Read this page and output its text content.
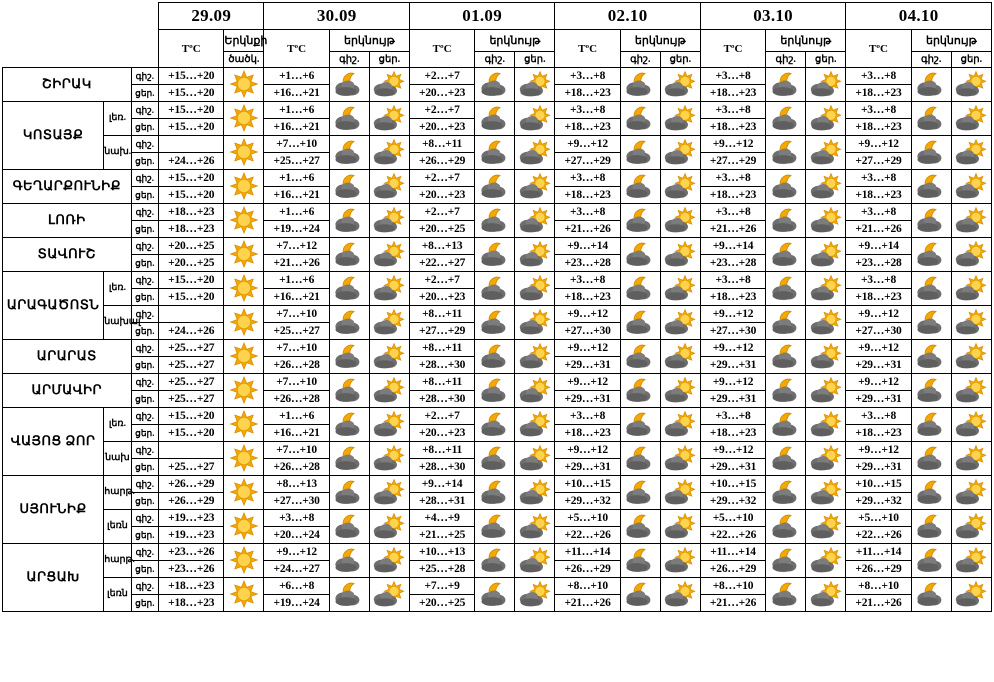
			29.09		30.09			01.09			02.10			03.10			04.10		
			TºC	Երկնքի	TºC	երկնույթ		TºC	երկնույթ		TºC	երկնույթ		TºC	երկնույթ		TºC	երկնույթ	
				ծածկ.		գիշ.	ցեր.		գիշ.	ցեր.		գիշ.	ցեր.		գիշ.	ցեր.		գիշ.	ցեր.
ՇԻՐԱԿ		գիշ.	+15…+20		+1…+6			+2…+7			+3…+8			+3…+8			+3…+8	

		ցեր.	+15…+20		+16…+21			+20…+23			+18…+23			+18…+23			+18…+23		
ԿՈՏԱՅՔ	լեռ.	գիշ.	+15…+20		+1…+6			+2…+7			+3…+8			+3…+8			+3…+8	

		ցեր.	+15…+20		+16…+21			+20…+23			+18…+23			+18…+23			+18…+23		
	նախ.	գիշ.			+7…+10			+8…+11			+9…+12			+9…+12			+9…+12	

		ցեր.	+24…+26		+25…+27			+26…+29			+27…+29			+27…+29			+27…+29		
ԳԵՂԱՐՔՈՒՆԻՔ		գիշ.	+15…+20		+1…+6			+2…+7			+3…+8			+3…+8			+3…+8	

		ցեր.	+15…+20		+16…+21			+20…+23			+18…+23			+18…+23			+18…+23		
ԼՈՌԻ		գիշ.	+18…+23		+1…+6			+2…+7			+3…+8			+3…+8			+3…+8	

		ցեր.	+18…+23		+19…+24			+20…+25			+21…+26			+21…+26			+21…+26		
ՏԱՎՈՒՇ		գիշ.	+20…+25		+7…+12			+8…+13			+9…+14			+9…+14			+9…+14	

		ցեր.	+20…+25		+21…+26			+22…+27			+23…+28			+23…+28			+23…+28		
ԱՐԱԳԱԾՈՏՆ	լեռ.	գիշ.	+15…+20		+1…+6			+2…+7			+3…+8			+3…+8			+3…+8	

		ցեր.	+15…+20		+16…+21			+20…+23			+18…+23			+18…+23			+18…+23		
	նախալ	գիշ.			+7…+10			+8…+11			+9…+12			+9…+12			+9…+12	

		ցեր.	+24…+26		+25…+27			+27…+29			+27…+30			+27…+30			+27…+30		
ԱՐԱՐԱՏ		գիշ.	+25…+27		+7…+10			+8…+11			+9…+12			+9…+12			+9…+12	

		ցեր.	+25…+27		+26…+28			+28…+30			+29…+31			+29…+31			+29…+31		
ԱՐՄԱՎԻՐ		գիշ.	+25…+27		+7…+10			+8…+11			+9…+12			+9…+12			+9…+12	

		ցեր.	+25…+27		+26…+28			+28…+30			+29…+31			+29…+31			+29…+31		
ՎԱՅՈՑ ՁՈՐ	լեռ.	գիշ.	+15…+20		+1…+6			+2…+7			+3…+8			+3…+8			+3…+8	

		ցեր.	+15…+20		+16…+21			+20…+23			+18…+23			+18…+23			+18…+23		
	նախ	գիշ.			+7…+10			+8…+11			+9…+12			+9…+12			+9…+12	

		ցեր.	+25…+27		+26…+28			+28…+30			+29…+31			+29…+31			+29…+31		
ՍՅՈՒՆԻՔ	հարթ.	գիշ.	+26…+29		+8…+13			+9…+14			+10…+15			+10…+15			+10…+15	

		ցեր.	+26…+29		+27…+30			+28…+31			+29…+32			+29…+32			+29…+32		
	լեռն	գիշ.	+19…+23		+3…+8			+4…+9			+5…+10			+5…+10			+5…+10	

		ցեր.	+19…+23		+20…+24			+21…+25			+22…+26			+22…+26			+22…+26		
ԱՐՑԱԽ	հարթ.	գիշ.	+23…+26		+9…+12			+10…+13			+11…+14			+11…+14			+11…+14	

		ցեր.	+23…+26		+24…+27			+25…+28			+26…+29			+26…+29			+26…+29		
	լեռն	գիշ.	+18…+23		+6…+8			+7…+9			+8…+10			+8…+10			+8…+10	

		ցեր.	+18…+23		+19…+24			+20…+25			+21…+26			+21…+26			+21…+26		
